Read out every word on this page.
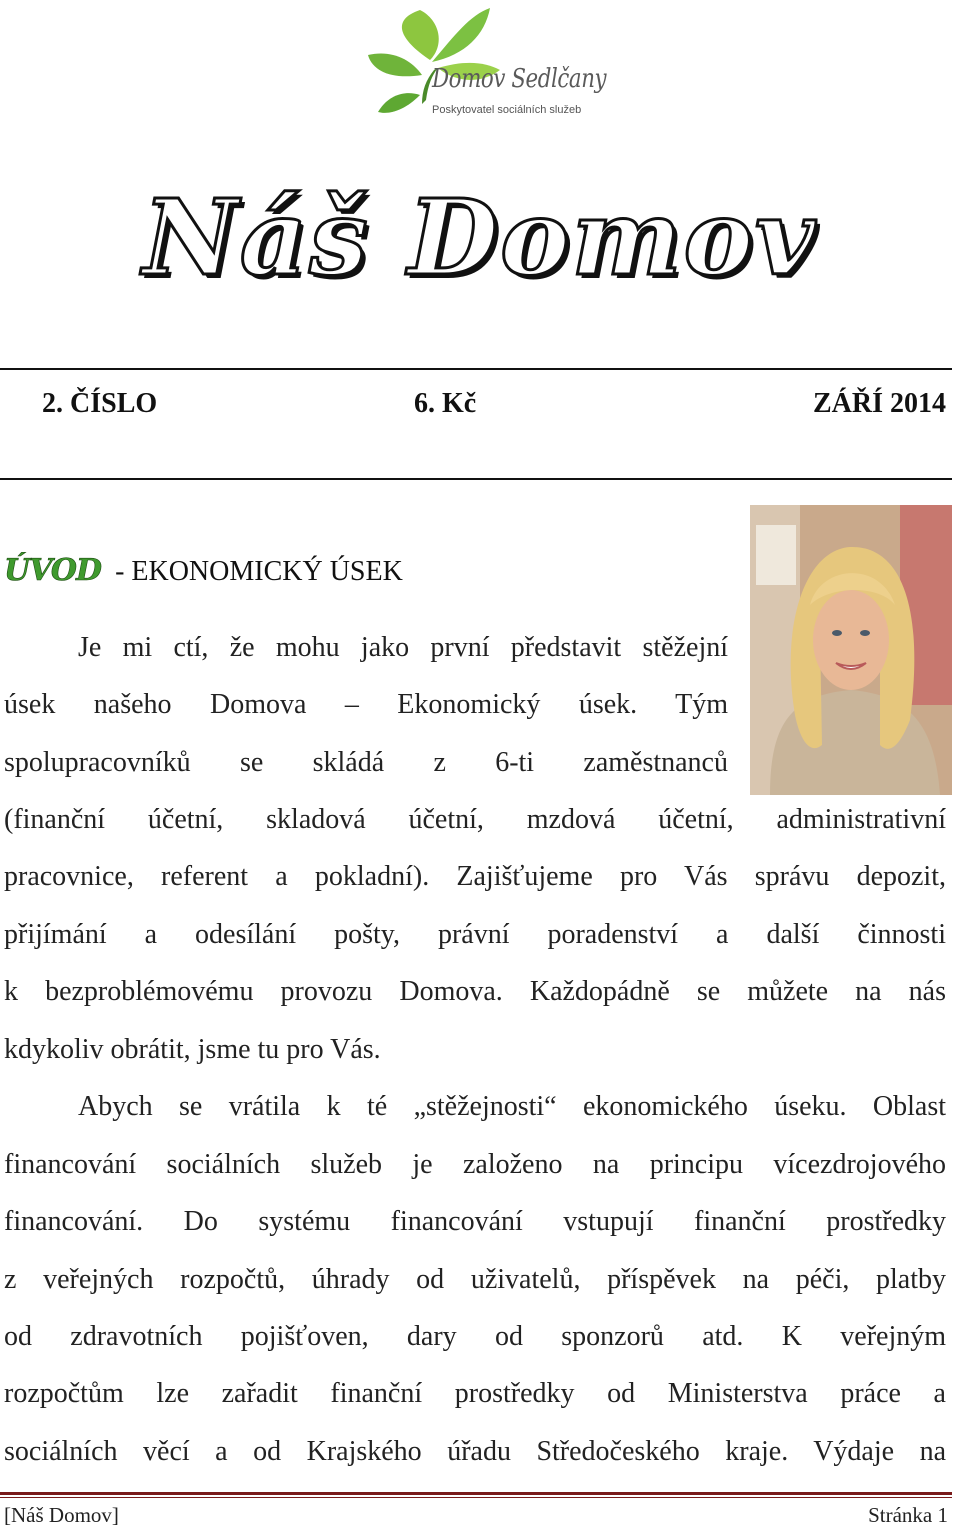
Domov Sedlčany
Poskytovatel sociálních služeb
Náš Domov
2. ČÍSLO	6. Kč	ZÁŘÍ 2014
ÚVOD - EKONOMICKÝ ÚSEK
Je mi ctí, že mohu jako první představit stěžejní
úsek našeho Domova – Ekonomický úsek. Tým
spolupracovníků se skládá z 6-ti zaměstnanců
(finanční účetní, skladová účetní, mzdová účetní, administrativní
pracovnice, referent a pokladní). Zajišťujeme pro Vás správu depozit,
přijímání a odesílání pošty, právní poradenství a další činnosti
k bezproblémovému provozu Domova. Každopádně se můžete na nás
kdykoliv obrátit, jsme tu pro Vás.
Abych se vrátila k té „stěžejnosti“ ekonomického úseku. Oblast
financování sociálních služeb je založeno na principu vícezdrojového
financování. Do systému financování vstupují finanční prostředky
z veřejných rozpočtů, úhrady od uživatelů, příspěvek na péči, platby
od zdravotních pojišťoven, dary od sponzorů atd. K veřejným
rozpočtům lze zařadit finanční prostředky od Ministerstva práce a
sociálních věcí a od Krajského úřadu Středočeského kraje. Výdaje na
[Náš Domov]	Stránka 1
